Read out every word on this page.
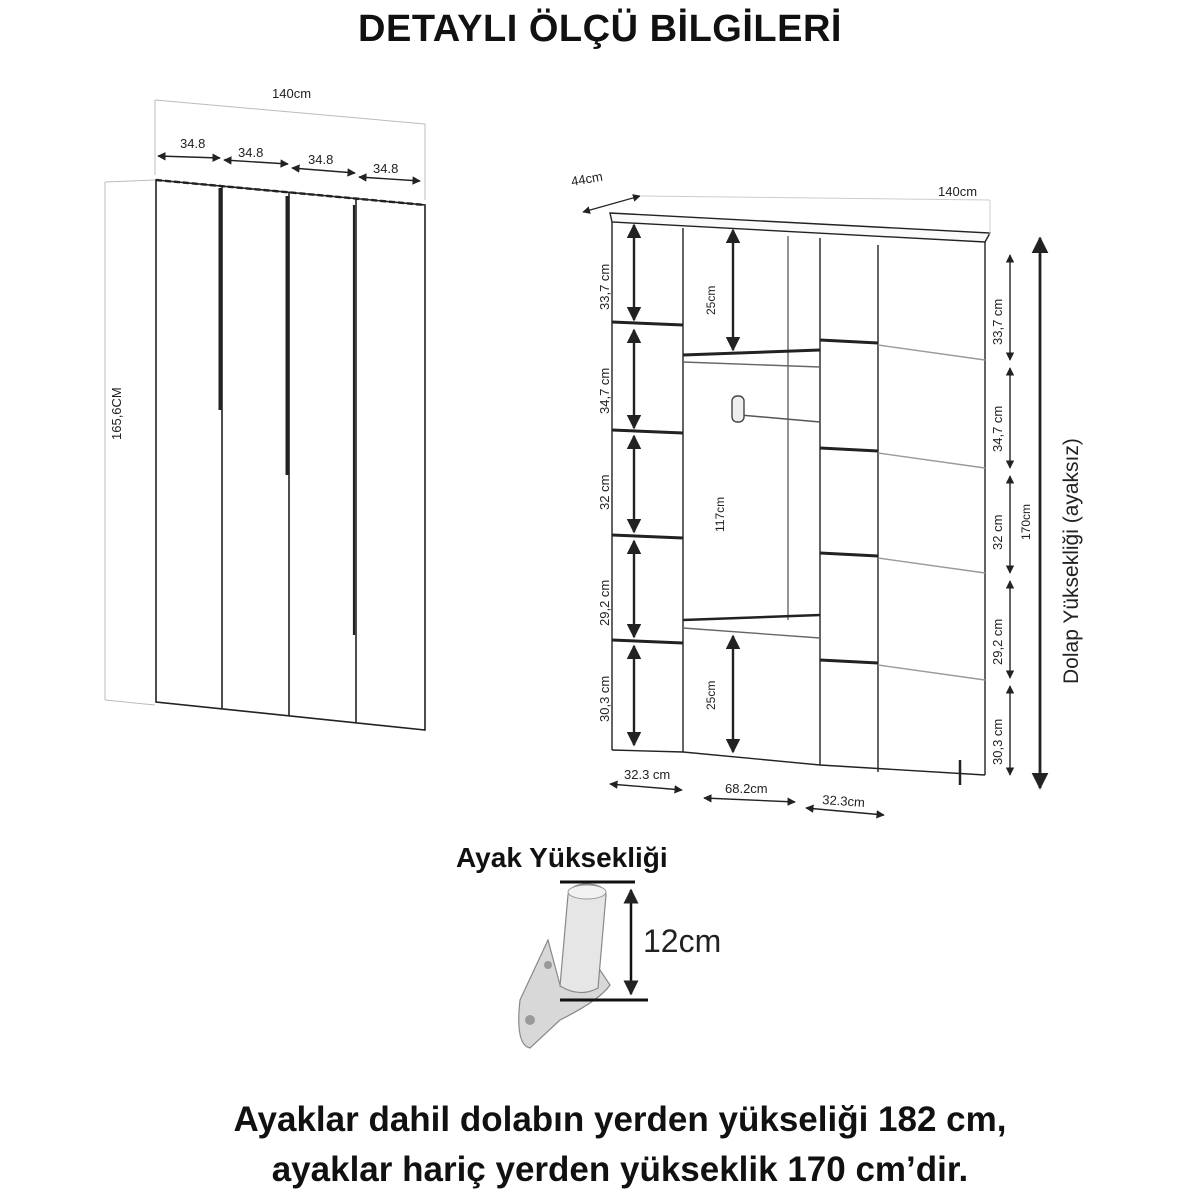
DETAYLI ÖLÇÜ BİLGİLERİ
140cm
34.8
34.8	34.8
34.8
165,6CM
44cm
140cm
33,7 cm
34,7 cm
32 cm
29,2 cm
30,3 cm
25cm
117cm
25cm
33,7 cm
34,7 cm
32 cm
29,2 cm
30,3 cm
170cm Dolap Yüksekliği (ayaksız)
32.3 cm
68.2cm
32.3cm
12cm
Ayak Yüksekliği
Ayaklar dahil dolabın yerden yükseliği 182 cm,
ayaklar hariç yerden yükseklik 170 cm’dir.
